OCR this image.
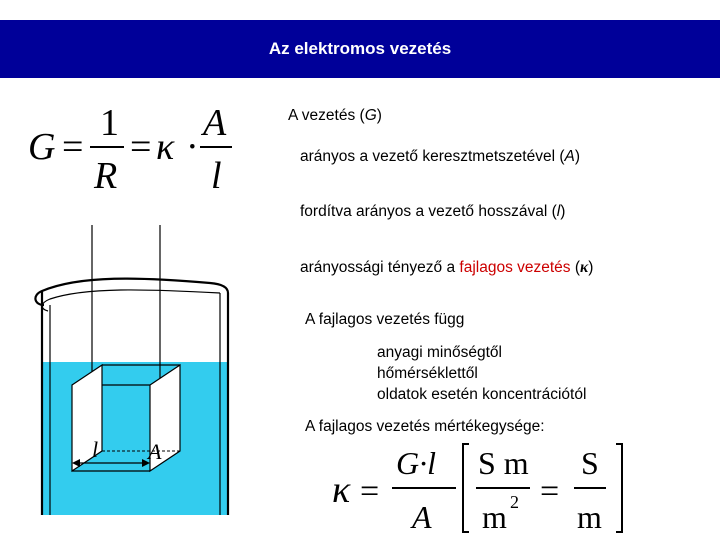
Az elektromos vezetés
G =
1
R
= κ ·
A
l
A vezetés (G)
arányos a vezető keresztmetszetével (A)
fordítva arányos a vezető hosszával (l)
arányossági tényező a fajlagos vezetés (κ)
A fajlagos vezetés függ
anyagi minőségtől
hőmérséklettől
oldatok esetén koncentrációtól
A fajlagos vezetés mértékegysége:
l A
κ =
G·l
A
S m
m 2 =
S
m
